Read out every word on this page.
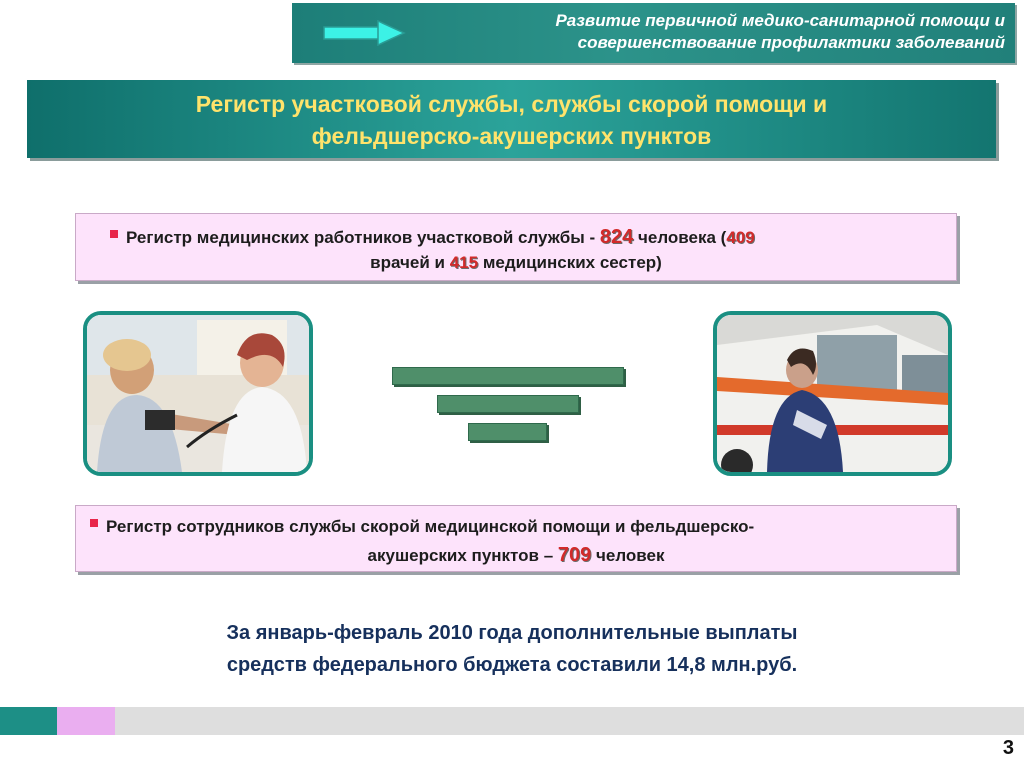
Развитие первичной медико-санитарной помощи и
совершенствование профилактики заболеваний
Регистр участковой службы, службы скорой помощи и
фельдшерско-акушерских пунктов
Регистр медицинских работников участковой службы - 824 человека (409
врачей и 415 медицинских сестер)
Регистр сотрудников службы скорой медицинской помощи и фельдшерско-
акушерских пунктов – 709 человек
За январь-февраль 2010 года дополнительные выплаты
средств федерального бюджета составили 14,8 млн.руб.
3
